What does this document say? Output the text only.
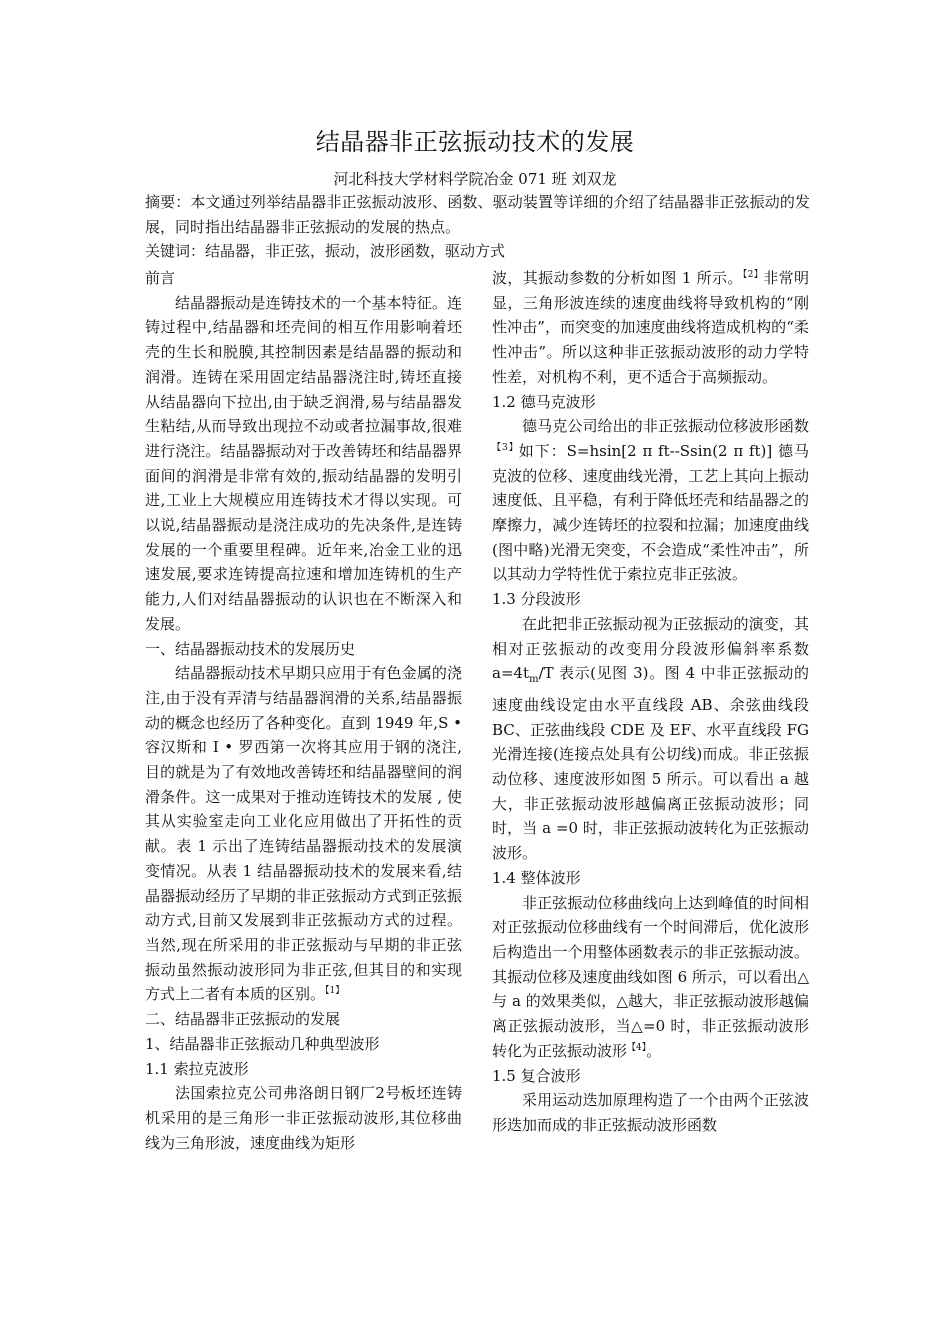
结晶器非正弦振动技术的发展
河北科技大学材料学院冶金 071 班 刘双龙

摘要：本文通过列举结晶器非正弦振动波形、函数、驱动装置等详细的介绍了结晶器非正弦振动的发展，同时指出结晶器非正弦振动的发展的热点。

关键词：结晶器，非正弦，振动，波形函数，驱动方式

前言

结晶器振动是连铸技术的一个基本特征。连铸过程中,结晶器和坯壳间的相互作用影响着坯壳的生长和脱膜,其控制因素是结晶器的振动和润滑。连铸在采用固定结晶器浇注时,铸坯直接从结晶器向下拉出,由于缺乏润滑,易与结晶器发生粘结,从而导致出现拉不动或者拉漏事故,很难进行浇注。结晶器振动对于改善铸坯和结晶器界面间的润滑是非常有效的,振动结晶器的发明引进,工业上大规模应用连铸技术才得以实现。可以说,结晶器振动是浇注成功的先决条件,是连铸发展的一个重要里程碑。近年来,冶金工业的迅速发展,要求连铸提高拉速和增加连铸机的生产能力,人们对结晶器振动的认识也在不断深入和发展。

一、结晶器振动技术的发展历史

结晶器振动技术早期只应用于有色金属的浇注,由于没有弄清与结晶器润滑的关系,结晶器振动的概念也经历了各种变化。直到 1949 年,S • 容汉斯和 I • 罗西第一次将其应用于钢的浇注,目的就是为了有效地改善铸坯和结晶器壁间的润滑条件。这一成果对于推动连铸技术的发展 , 使其从实验室走向工业化应用做出了开拓性的贡献。表 1 示出了连铸结晶器振动技术的发展演变情况。从表 1 结晶器振动技术的发展来看,结晶器振动经历了早期的非正弦振动方式到正弦振动方式,目前又发展到非正弦振动方式的过程。当然,现在所采用的非正弦振动与早期的非正弦振动虽然振动波形同为非正弦,但其目的和实现方式上二者有本质的区别。$^{【1】}$

二、结晶器非正弦振动的发展

1、结晶器非正弦振动几种典型波形

1.1 索拉克波形

法国索拉克公司弗洛朗日钢厂2号板坯连铸机采用的是三角形一非正弦振动波形,其位移曲线为三角形波，速度曲线为矩形

波，其振动参数的分析如图 1 所示。$^{【2】}$非常明显，三角形波连续的速度曲线将导致机构的“刚性冲击”，而突变的加速度曲线将造成机构的“柔性冲击”。所以这种非正弦振动波形的动力学特性差，对机构不利，更不适合于高频振动。

1.2 德马克波形

德马克公司给出的非正弦振动位移波形函数$^{【3】}$如下：S=hsin[2 π ft--Ssin(2 π ft)] 德马克波的位移、速度曲线光滑，工艺上其向上振动速度低、且平稳，有利于降低坯壳和结晶器之的摩擦力，减少连铸坯的拉裂和拉漏；加速度曲线(图中略)光滑无突变，不会造成“柔性冲击”，所以其动力学特性优于索拉克非正弦波。

1.3 分段波形

在此把非正弦振动视为正弦振动的演变，其相对正弦振动的改变用分段波形偏斜率系数 $a=4t_m/T$ 表示(见图 3)。图 4 中非正弦振动的速度曲线设定由水平直线段 AB、余弦曲线段 BC、正弦曲线段 CDE 及 EF、水平直线段 FG 光滑连接(连接点处具有公切线)而成。非正弦振动位移、速度波形如图 5 所示。可以看出 a 越大，非正弦振动波形越偏离正弦振动波形；同时，当 a =0 时，非正弦振动波转化为正弦振动波形。

1.4 整体波形

非正弦振动位移曲线向上达到峰值的时间相对正弦振动位移曲线有一个时间滞后，优化波形后构造出一个用整体函数表示的非正弦振动波。其振动位移及速度曲线如图 6 所示，可以看出△与 a 的效果类似，△越大，非正弦振动波形越偏离正弦振动波形，当△=0 时，非正弦振动波形转化为正弦振动波形$^{【4】}$。

1.5 复合波形

采用运动迭加原理构造了一个由两个正弦波形迭加而成的非正弦振动波形函数
